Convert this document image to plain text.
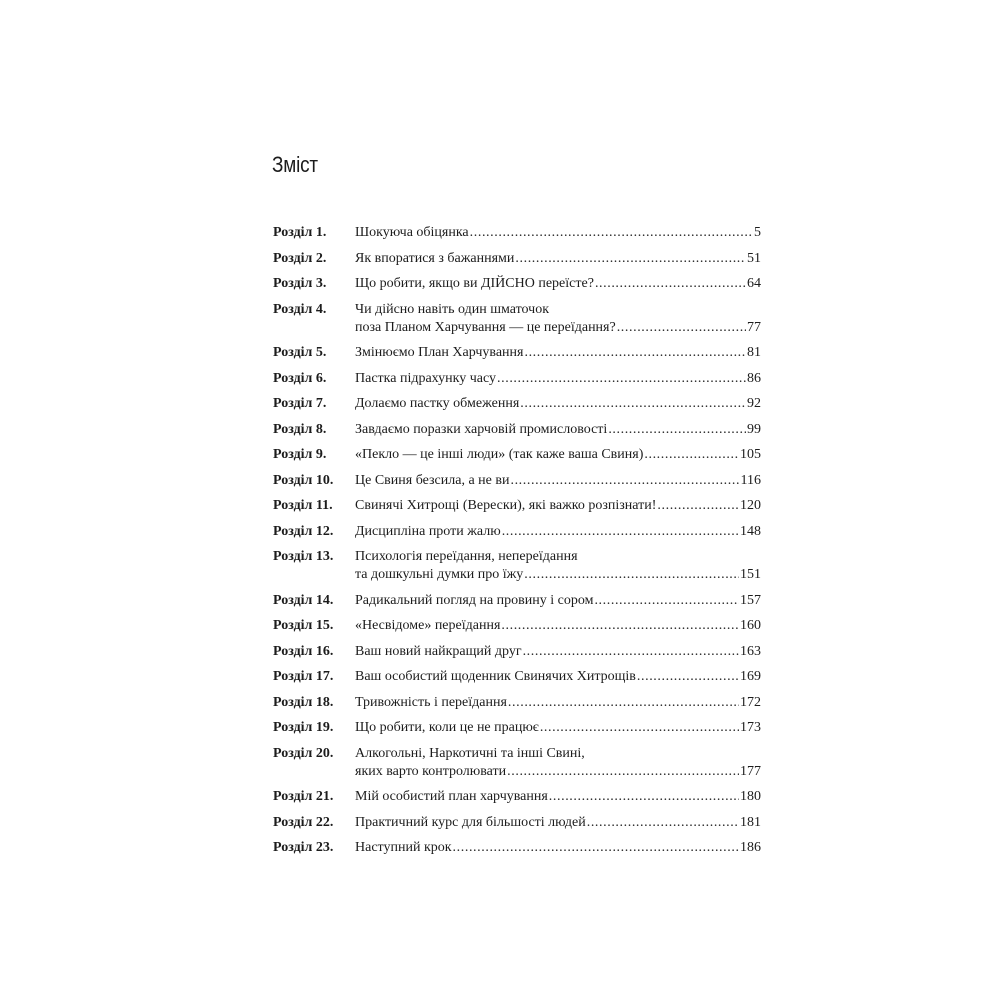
Зміст
Розділ 1.	Шокуюча обіцянка .....	5
Розділ 2.	Як впоратися з бажаннями .....	51
Розділ 3.	Що робити, якщо ви ДІЙСНО переїсте? .....	64
Розділ 4.	Чи дійсно навіть один шматочок
поза Планом Харчування — це переїдання? .....	77
Розділ 5.	Змінюємо План Харчування .....	81
Розділ 6.	Пастка підрахунку часу .....	86
Розділ 7.	Долаємо пастку обмеження .....	92
Розділ 8.	Завдаємо поразки харчовій промисловості .....	99
Розділ 9.	«Пекло — це інші люди» (так каже ваша Свиня) .....	105
Розділ 10.	Це Свиня безсила, а не ви .....	116
Розділ 11.	Свинячі Хитрощі (Верески), які важко розпізнати! .....	120
Розділ 12.	Дисципліна проти жалю .....	148
Розділ 13.	Психологія переїдання, непереїдання
та дошкульні думки про їжу .....	151
Розділ 14.	Радикальний погляд на провину і сором .....	157
Розділ 15.	«Несвідоме» переїдання .....	160
Розділ 16.	Ваш новий найкращий друг .....	163
Розділ 17.	Ваш особистий щоденник Свинячих Хитрощів .....	169
Розділ 18.	Тривожність і переїдання .....	172
Розділ 19.	Що робити, коли це не працює .....	173
Розділ 20.	Алкогольні, Наркотичні та інші Свині,
яких варто контролювати .....	177
Розділ 21.	Мій особистий план харчування .....	180
Розділ 22.	Практичний курс для більшості людей .....	181
Розділ 23.	Наступний крок .....	186
